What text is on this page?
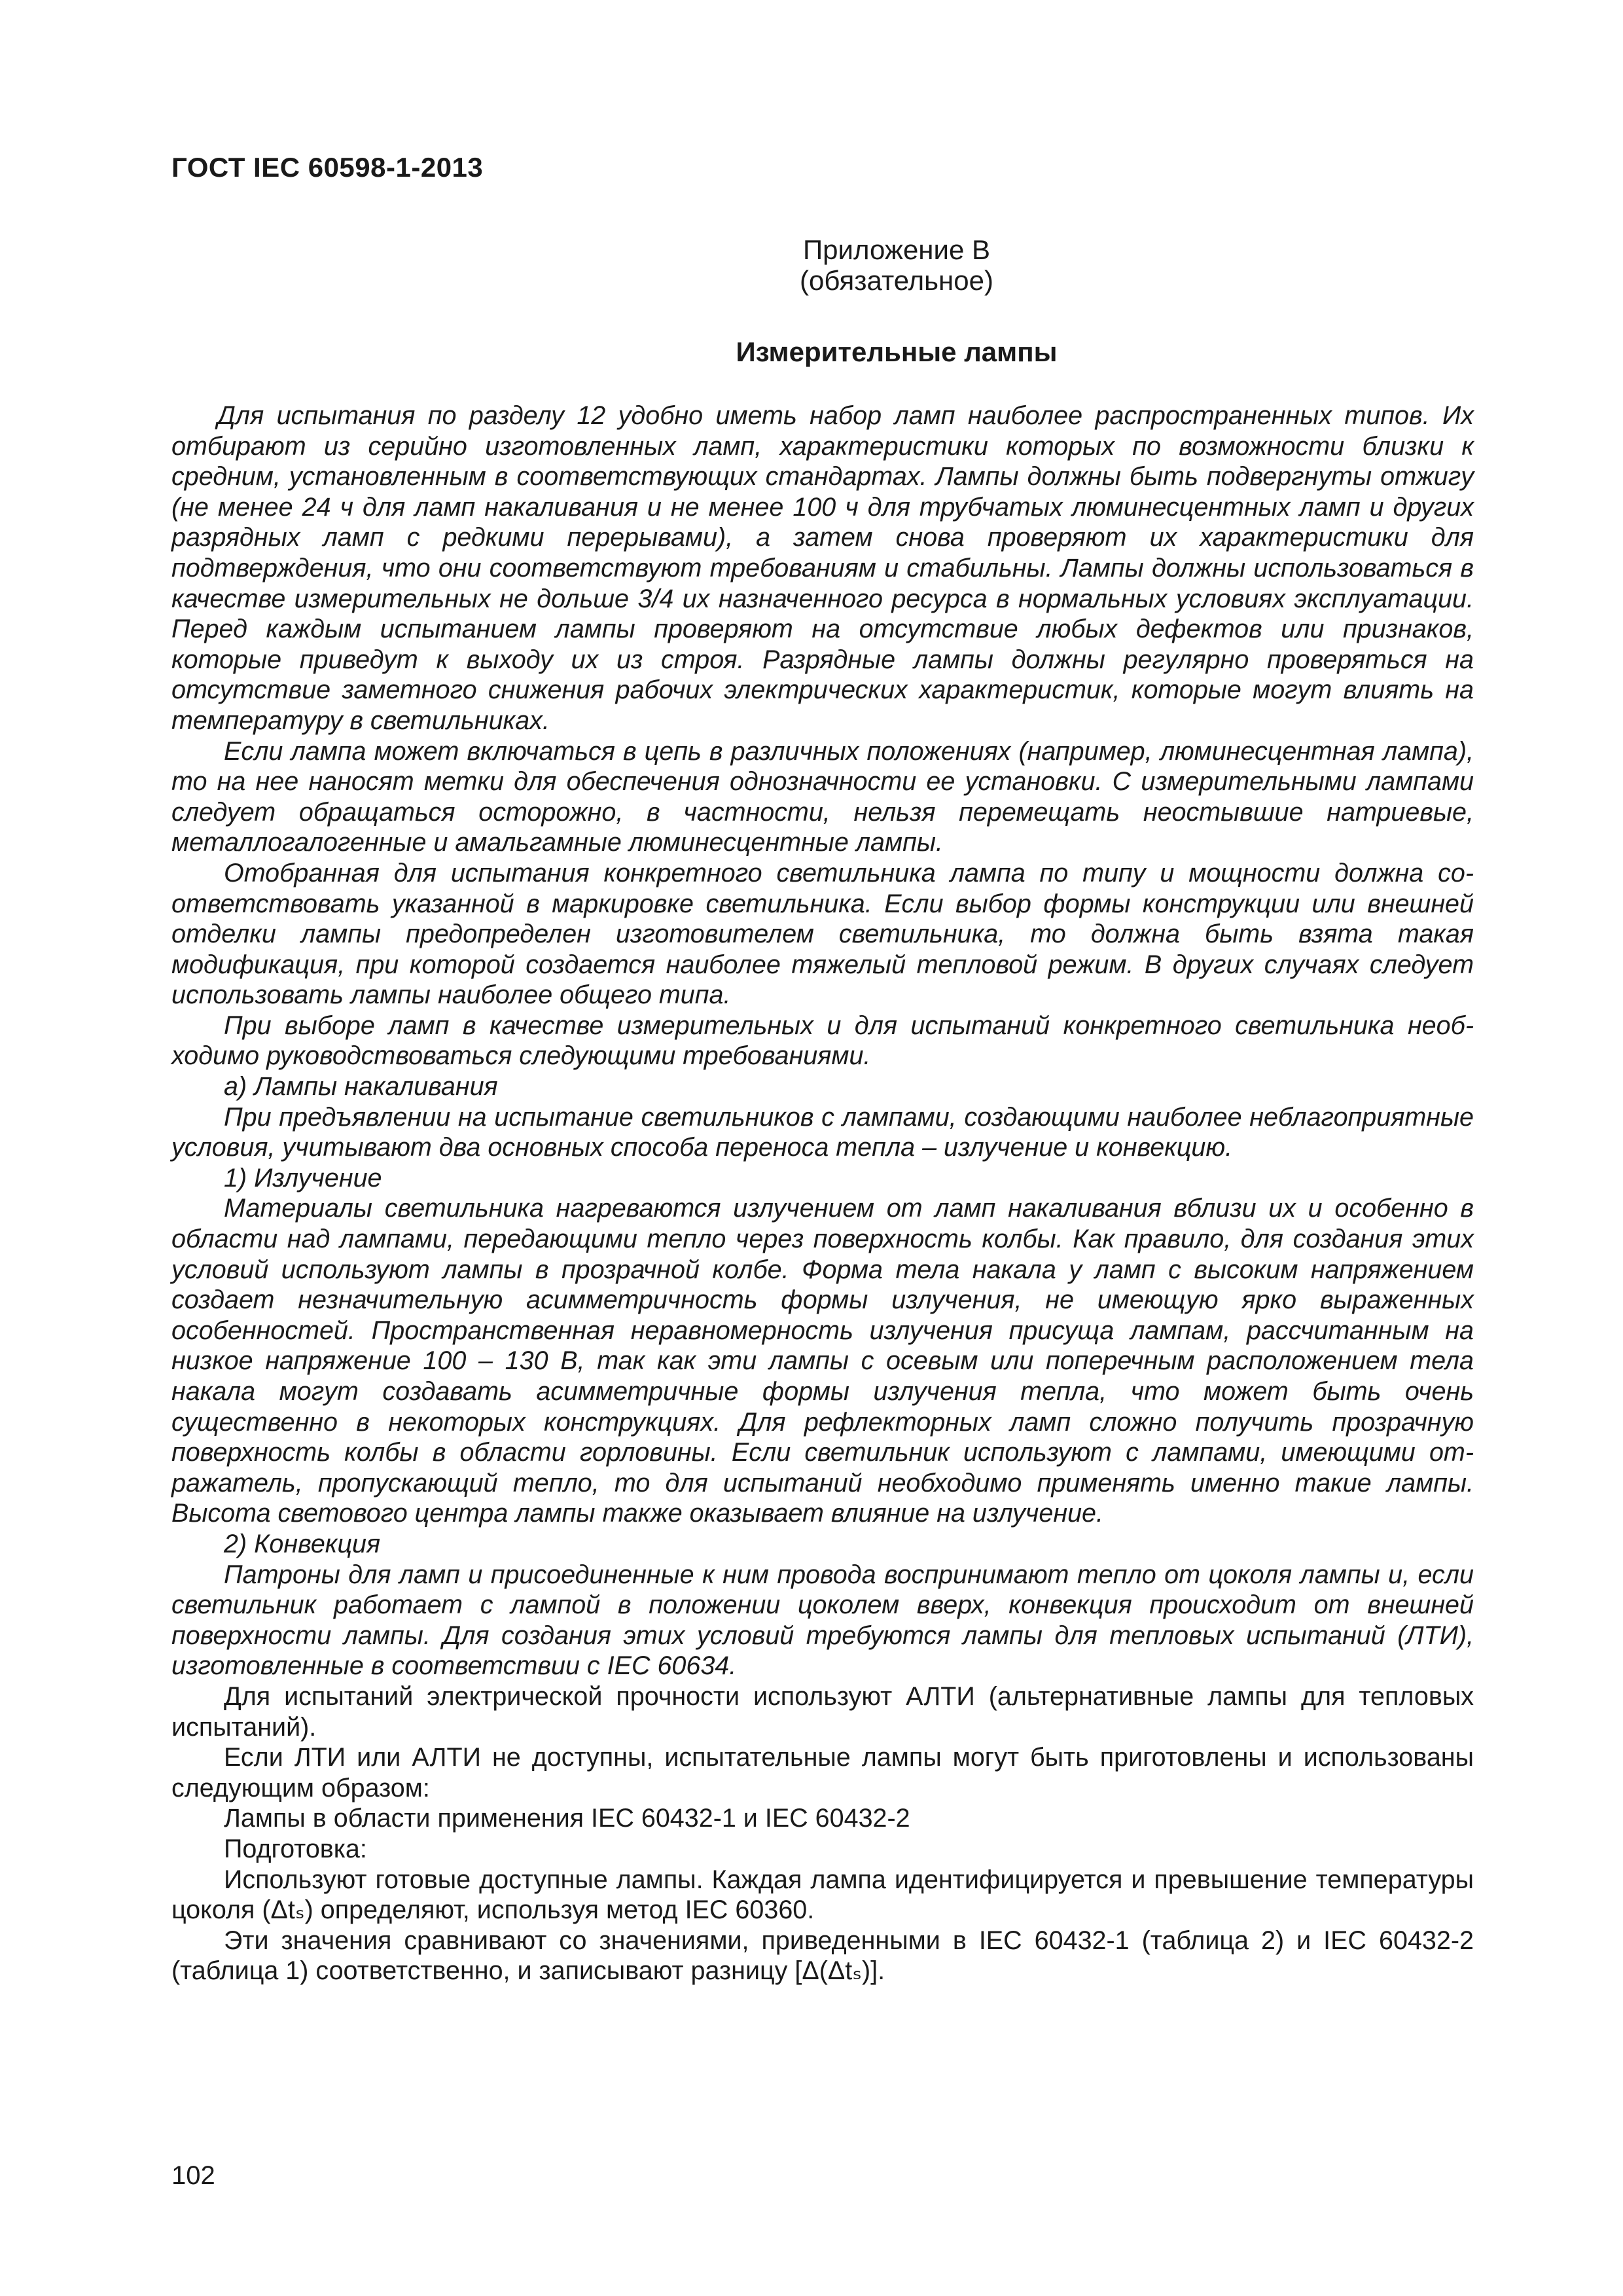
ГОСТ IEC 60598-1-2013
Приложение В
(обязательное)
Измерительные лампы

Для испытания по разделу 12 удобно иметь набор ламп наиболее распространенных типов. Их отбирают из серийно изготовленных ламп, характеристики которых по возможности близки к средним, установленным в соответствующих стандартах. Лампы должны быть подвергнуты отжигу (не менее 24 ч для ламп накаливания и не менее 100 ч для трубчатых люминесцентных ламп и других разрядных ламп с редкими перерывами), а затем снова проверяют их характеристики для подтверждения, что они соответствуют требованиям и стабильны. Лампы должны использоваться в качестве измерительных не дольше 3/4 их назначенного ресурса в нормальных условиях эксплуатации. Перед каждым испытанием лампы проверяют на отсутствие любых дефектов или признаков, которые приведут к выходу их из строя. Разрядные лампы должны регулярно проверяться на отсутствие заметного снижения рабочих электрических характеристик, которые могут влиять на температуру в светильниках.

Если лампа может включаться в цепь в различных положениях (например, люминесцентная лампа), то на нее наносят метки для обеспечения однозначности ее установки. С измерительными лампами следует обращаться осторожно, в частности, нельзя перемещать неостывшие натриевые, металлогалогенные и амальгамные люминесцентные лампы.

Отобранная для испытания конкретного светильника лампа по типу и мощности должна соответствовать указанной в маркировке светильника. Если выбор формы конструкции или внешней отделки лампы предопределен изготовителем светильника, то должна быть взята такая модификация, при которой создается наиболее тяжелый тепловой режим. В других случаях следует использовать лампы наиболее общего типа.

При выборе ламп в качестве измерительных и для испытаний конкретного светильника необходимо руководствоваться следующими требованиями.

а) Лампы накаливания

При предъявлении на испытание светильников с лампами, создающими наиболее неблагоприятные условия, учитывают два основных способа переноса тепла – излучение и конвекцию.

1) Излучение

Материалы светильника нагреваются излучением от ламп накаливания вблизи их и особенно в области над лампами, передающими тепло через поверхность колбы. Как правило, для создания этих условий используют лампы в прозрачной колбе. Форма тела накала у ламп с высоким напряжением создает незначительную асимметричность формы излучения, не имеющую ярко выраженных особенностей. Пространственная неравномерность излучения присуща лампам, рассчитанным на низкое напряжение 100 – 130 В, так как эти лампы с осевым или поперечным расположением тела накала могут создавать асимметричные формы излучения тепла, что может быть очень существенно в некоторых конструкциях. Для рефлекторных ламп сложно получить прозрачную поверхность колбы в области горловины. Если светильник используют с лампами, имеющими отражатель, пропускающий тепло, то для испытаний необходимо применять именно такие лампы. Высота светового центра лампы также оказывает влияние на излучение.

2) Конвекция

Патроны для ламп и присоединенные к ним провода воспринимают тепло от цоколя лампы и, если светильник работает с лампой в положении цоколем вверх, конвекция происходит от внешней поверхности лампы. Для создания этих условий требуются лампы для тепловых испытаний (ЛТИ), изготовленные в соответствии с IEC 60634.

Для испытаний электрической прочности используют АЛТИ (альтернативные лампы для тепловых испытаний).

Если ЛТИ или АЛТИ не доступны, испытательные лампы могут быть приготовлены и использованы следующим образом:

Лампы в области применения IEC 60432-1 и IEC 60432-2

Подготовка:

Используют готовые доступные лампы. Каждая лампа идентифицируется и превышение температуры цоколя (Δtₛ) определяют, используя метод IEC 60360.

Эти значения сравнивают со значениями, приведенными в IEC 60432-1 (таблица 2) и IEC 60432-2 (таблица 1) соответственно, и записывают разницу [Δ(Δtₛ)].

102
